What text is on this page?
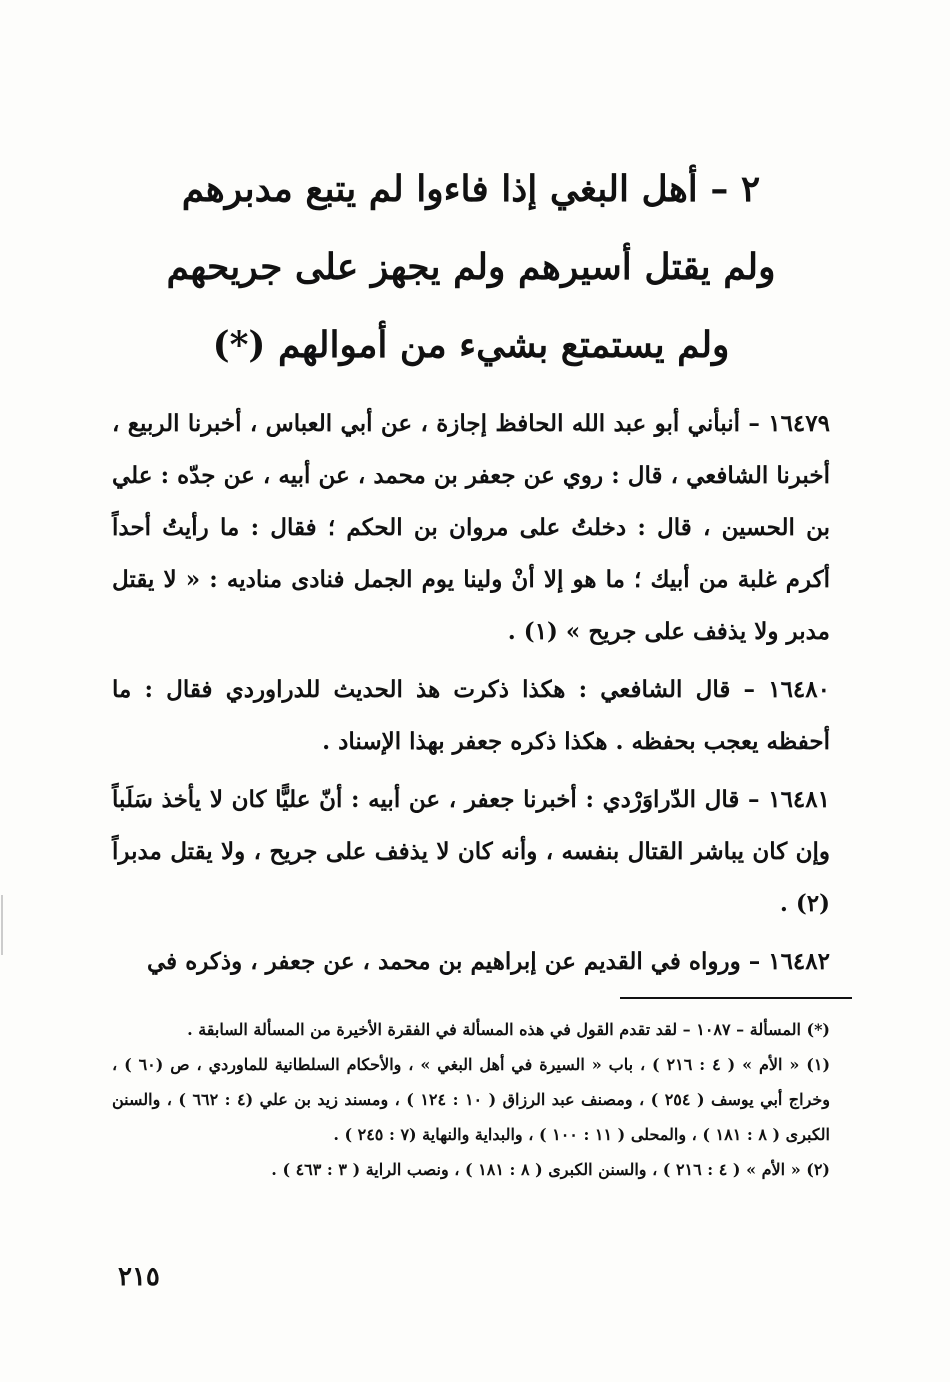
٢ – أهل البغي إذا فاءوا لم يتبع مدبرهم
ولم يقتل أسيرهم ولم يجهز على جريحهم
ولم يستمتع بشيء من أموالهم (*)

١٦٤٧٩ – أنبأني أبو عبد الله الحافظ إجازة ، عن أبي العباس ، أخبرنا الربيع ، أخبرنا الشافعي ، قال : روي عن جعفر بن محمد ، عن أبيه ، عن جدّه : علي بن الحسين ، قال : دخلتُ على مروان بن الحكم ؛ فقال : ما رأيتُ أحداً أكرم غلبة من أبيك ؛ ما هو إلا أنْ ولينا يوم الجمل فنادى مناديه : « لا يقتل مدبر ولا يذفف على جريح » (١) .

١٦٤٨٠ – قال الشافعي : هكذا ذكرت هذ الحديث للدراوردي فقال : ما أحفظه يعجب بحفظه . هكذا ذكره جعفر بهذا الإسناد .

١٦٤٨١ – قال الدّراوَرْدي : أخبرنا جعفر ، عن أبيه : أنّ عليًّا كان لا يأخذ سَلَباً وإن كان يباشر القتال بنفسه ، وأنه كان لا يذفف على جريح ، ولا يقتل مدبراً (٢) .

١٦٤٨٢ – ورواه في القديم عن إبراهيم بن محمد ، عن جعفر ، وذكره في

(*) المسألة – ١٠٨٧ – لقد تقدم القول في هذه المسألة في الفقرة الأخيرة من المسألة السابقة .

(١) « الأم » ( ٤ : ٢١٦ ) ، باب « السيرة في أهل البغي » ، والأحكام السلطانية للماوردي ، ص (٦٠ ) ، وخراج أبي يوسف ( ٢٥٤ ) ، ومصنف عبد الرزاق ( ١٠ : ١٢٤ ) ، ومسند زيد بن علي (٤ : ٦٦٢ ) ، والسنن الكبرى ( ٨ : ١٨١ ) ، والمحلى ( ١١ : ١٠٠ ) ، والبداية والنهاية (٧ : ٢٤٥ ) .

(٢) « الأم » ( ٤ : ٢١٦ ) ، والسنن الكبرى ( ٨ : ١٨١ ) ، ونصب الراية ( ٣ : ٤٦٣ ) .

٢١٥
